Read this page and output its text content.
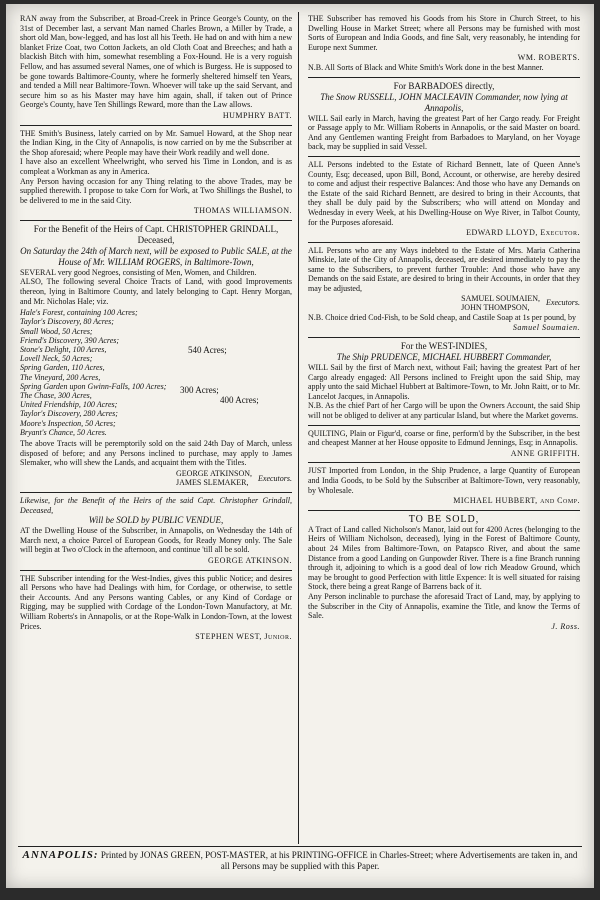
RAN away from the Subscriber, at Broad-Creek in Prince George's County, on the 31st of December last, a servant Man named Charles Brown, a Miller by Trade, a short old Man, bow-legged, and has lost all his Teeth. He had on and with him a new blanket Frize Coat, two Cotton Jackets, an old Cloth Coat and Breeches; and hath a blackish Bitch with him, somewhat resembling a Fox-Hound. He is a very roguish Fellow, and has assumed several Names, one of which is Burgess. He is supposed to be gone towards Baltimore-County, where he formerly sheltered himself ten Years, and tended a Mill near Baltimore-Town. Whoever will take up the said Servant, and secure him so as his Master may have him again, shall, if taken out of Prince George's County, have Ten Shillings Reward, more than the Law allows.

HUMPHRY BATT.

THE Smith's Business, lately carried on by Mr. Samuel Howard, at the Shop near the Indian King, in the City of Annapolis, is now carried on by me the Subscriber at the Shop aforesaid; where People may have their Work readily and well done.

I have also an excellent Wheelwright, who served his Time in London, and is as compleat a Workman as any in America.

Any Person having occasion for any Thing relating to the above Trades, may be supplied therewith. I propose to take Corn for Work, at Two Shillings the Bushel, to be delivered to me in the said City.

THOMAS WILLIAMSON.
For the Benefit of the Heirs of Capt. CHRISTOPHER GRINDALL, Deceased,
On Saturday the 24th of March next, will be exposed to Public SALE, at the House of Mr. WILLIAM ROGERS, in Baltimore-Town,

SEVERAL very good Negroes, consisting of Men, Women, and Children.

ALSO, The following several Choice Tracts of Land, with good Improvements thereon, lying in Baltimore County, and lately belonging to Capt. Henry Morgan, and Mr. Nicholas Hale; viz.

Hale's Forest, containing 100 Acres;
Taylor's Discovery, 80 Acres;
Small Wood, 50 Acres;
Friend's Discovery, 390 Acres;
Stone's Delight, 100 Acres,
Lovell Neck, 50 Acres;
Spring Garden, 110 Acres,
The Vineyard, 200 Acres,
Spring Garden upon Gwinn-Falls, 100 Acres;
The Chase, 300 Acres,
United Friendship, 100 Acres;
Taylor's Discovery, 280 Acres;
Moore's Inspection, 50 Acres;
Bryant's Chance, 50 Acres.
540 Acres;
300 Acres;
400 Acres;

The above Tracts will be peremptorily sold on the said 24th Day of March, unless disposed of before; and any Persons inclined to purchase, may apply to James Slemaker, who will shew the Lands, and acquaint them with the Titles.

GEORGE ATKINSON,
JAMES SLEMAKER,
Executors.

Likewise, for the Benefit of the Heirs of the said Capt. Christopher Grindall, Deceased,

Will be SOLD by PUBLIC VENDUE,

AT the Dwelling House of the Subscriber, in Annapolis, on Wednesday the 14th of March next, a choice Parcel of European Goods, for Ready Money only. The Sale will begin at Two o'Clock in the afternoon, and continue 'till all be sold.

GEORGE ATKINSON.

THE Subscriber intending for the West-Indies, gives this public Notice; and desires all Persons who have had Dealings with him, for Cordage, or otherwise, to settle their Accounts. And any Persons wanting Cables, or any Kind of Cordage or Rigging, may be supplied with Cordage of the London-Town Manufactory, at Mr. William Roberts's in Annapolis, or at the Rope-Walk in London-Town, at the lowest Prices.

STEPHEN WEST, Junior.

THE Subscriber has removed his Goods from his Store in Church Street, to his Dwelling House in Market Street; where all Persons may be furnished with most Sorts of European and India Goods, and fine Salt, very reasonably, he intending for Europe next Summer.

WM. ROBERTS.

N.B. All Sorts of Black and White Smith's Work done in the best Manner.

For BARBADOES directly,
The Snow RUSSELL, JOHN MACLEAVIN Commander, now lying at Annapolis,

WILL Sail early in March, having the greatest Part of her Cargo ready. For Freight or Passage apply to Mr. William Roberts in Annapolis, or the said Master on board. And any Gentlemen wanting Freight from Barbadoes to Maryland, on her Voyage back, may be supplied in said Vessel.

ALL Persons indebted to the Estate of Richard Bennett, late of Queen Anne's County, Esq; deceased, upon Bill, Bond, Account, or otherwise, are hereby desired to come and adjust their respective Balances: And those who have any Demands on the Estate of the said Richard Bennett, are desired to bring in their Accounts, that they shall be duly paid by the Subscribers; who will attend on Monday and Wednesday in every Week, at his Dwelling-House on Wye River, in Talbot County, for the Purposes aforesaid.

EDWARD LLOYD, Executor.

ALL Persons who are any Ways indebted to the Estate of Mrs. Maria Catherina Minskie, late of the City of Annapolis, deceased, are desired immediately to pay the same to the Subscribers, to prevent further Trouble: And those who have any Demands on the said Estate, are desired to bring in their Accounts, in order that they may be adjusted,

SAMUEL SOUMAIEN,
JOHN THOMPSON,
Executors.

N.B. Choice dried Cod-Fish, to be Sold cheap, and Castile Soap at 1s per pound, by

Samuel Soumaien.
For the WEST-INDIES,
The Ship PRUDENCE, MICHAEL HUBBERT Commander,

WILL Sail by the first of March next, without Fail; having the greatest Part of her Cargo already engaged: All Persons inclined to Freight upon the said Ship, may apply unto the said Michael Hubbert at Baltimore-Town, to Mr. John Raitt, or to Mr. Lancelot Jacques, in Annapolis.

N.B. As the chief Part of her Cargo will be upon the Owners Account, the said Ship will not be obliged to deliver at any particular Island, but where the Market governs.

QUILTING, Plain or Figur'd, coarse or fine, perform'd by the Subscriber, in the best and cheapest Manner at her House opposite to Edmund Jennings, Esq; in Annapolis.

ANNE GRIFFITH.

JUST Imported from London, in the Ship Prudence, a large Quantity of European and India Goods, to be Sold by the Subscriber at Baltimore-Town, very reasonably, by Wholesale.

MICHAEL HUBBERT, and Comp.
TO BE SOLD,

A Tract of Land called Nicholson's Manor, laid out for 4200 Acres (belonging to the Heirs of William Nicholson, deceased), lying in the Forest of Baltimore County, about 24 Miles from Baltimore-Town, on Patapsco River, and about the same Distance from a good Landing on Gunpowder River. There is a fine Branch running through it, adjoining to which is a good deal of low rich Meadow Ground, which may be brought to good Perfection with little Expence: It is well situated for raising Stock, there being a great Range of Barrens back of it.

Any Person inclinable to purchase the aforesaid Tract of Land, may, by applying to the Subscriber in the City of Annapolis, examine the Title, and know the Terms of Sale.

J. Ross.
ANNAPOLIS: Printed by JONAS GREEN, POST-MASTER, at his PRINTING-OFFICE in Charles-Street; where Advertisements are taken in, and all Persons may be supplied with this Paper.
